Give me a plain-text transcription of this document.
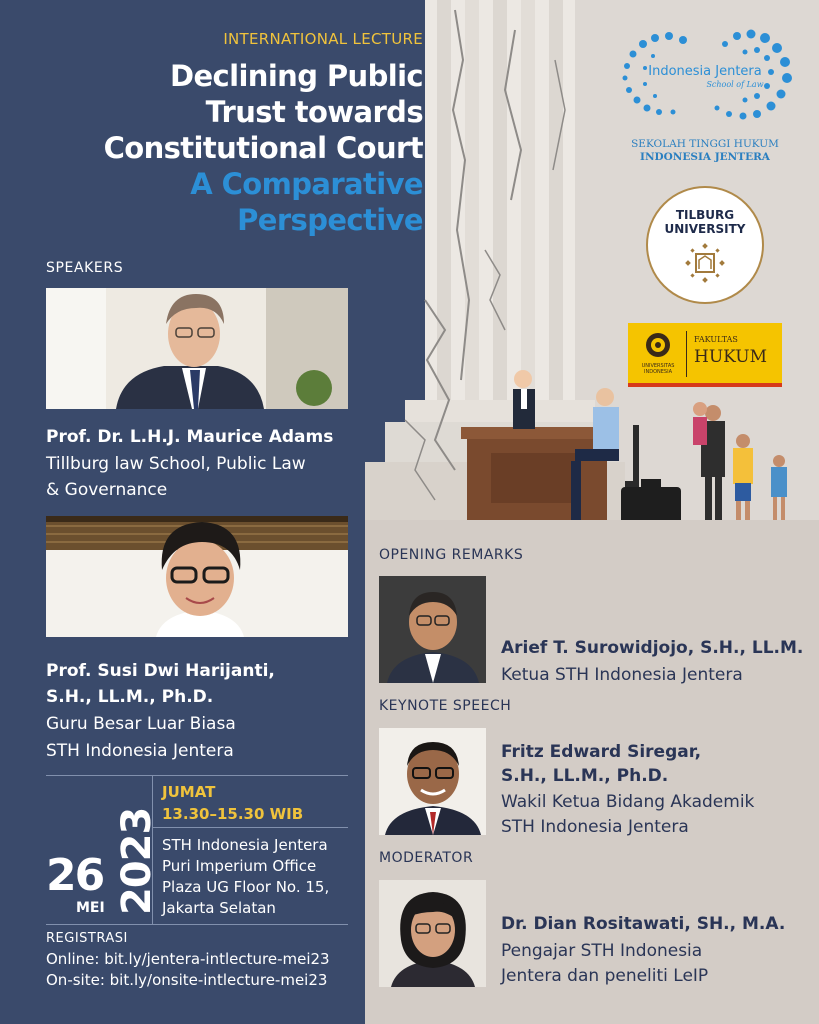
INTERNATIONAL LECTURE
Declining Public
Trust towards
Constitutional Court
A Comparative
Perspective
SPEAKERS
Prof. Dr. L.H.J. Maurice Adams
Tillburg law School, Public Law
& Governance
Prof. Susi Dwi Harijanti,
S.H., LL.M., Ph.D.
Guru Besar Luar Biasa
STH Indonesia Jentera
26
MEI 2023
JUMAT
13.30–15.30 WIB
STH Indonesia Jentera
Puri Imperium Office
Plaza UG Floor No. 15,
Jakarta Selatan
REGISTRASI
Online: bit.ly/jentera-intlecture-mei23
On-site: bit.ly/onsite-intlecture-mei23
Indonesia Jentera
School of Law
SEKOLAH TINGGI HUKUM
INDONESIA JENTERA
TILBURG
UNIVERSITY
UNIVERSITAS
INDONESIA
FAKULTAS
HUKUM
OPENING REMARKS
Arief T. Surowidjojo, S.H., LL.M.
Ketua STH Indonesia Jentera
KEYNOTE SPEECH
Fritz Edward Siregar,
S.H., LL.M., Ph.D.
Wakil Ketua Bidang Akademik
STH Indonesia Jentera
MODERATOR
Dr. Dian Rositawati, SH., M.A.
Pengajar STH Indonesia
Jentera dan peneliti LeIP
